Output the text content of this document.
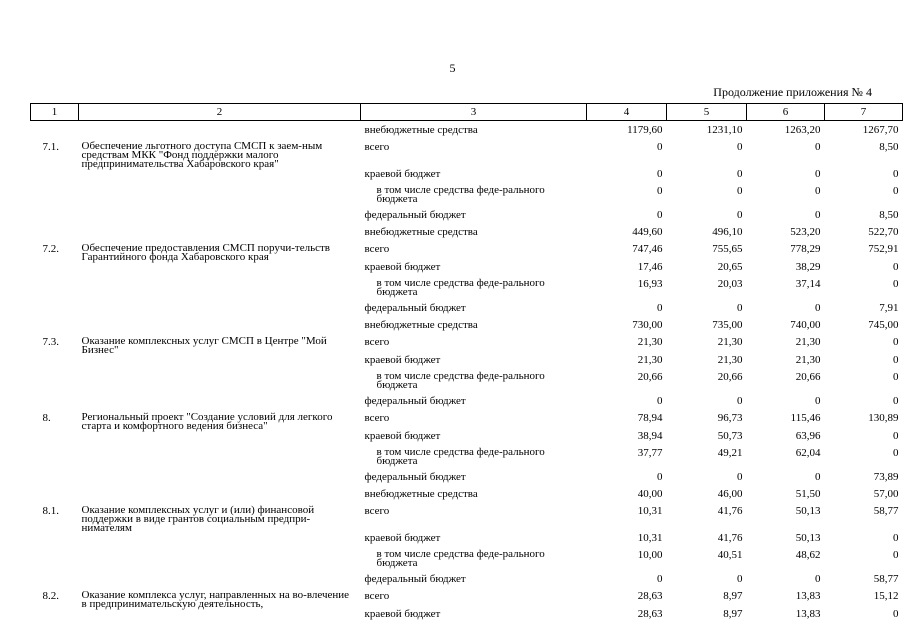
5
Продолжение приложения № 4
1	2	3	4	5	6	7
		внебюджетные средства	1179,60	1231,10	1263,20	1267,70
7.1.	Обеспечение льготного доступа СМСП к заем-ным средствам МКК "Фонд поддержки малого предпринимательства Хабаровского края"	всего	0	0	0	8,50
		краевой бюджет	0	0	0	0
		в том числе средства феде-рального бюджета	0	0	0	0
		федеральный бюджет	0	0	0	8,50
		внебюджетные средства	449,60	496,10	523,20	522,70
7.2.	Обеспечение предоставления СМСП поручи-тельств Гарантийного фонда Хабаровского края	всего	747,46	755,65	778,29	752,91
		краевой бюджет	17,46	20,65	38,29	0
		в том числе средства феде-рального бюджета	16,93	20,03	37,14	0
		федеральный бюджет	0	0	0	7,91
		внебюджетные средства	730,00	735,00	740,00	745,00
7.3.	Оказание комплексных услуг СМСП в Центре "Мой Бизнес"	всего	21,30	21,30	21,30	0
		краевой бюджет	21,30	21,30	21,30	0
		в том числе средства феде-рального бюджета	20,66	20,66	20,66	0
		федеральный бюджет	0	0	0	0
8.	Региональный проект "Создание условий для легкого старта и комфортного ведения бизнеса"	всего	78,94	96,73	115,46	130,89
		краевой бюджет	38,94	50,73	63,96	0
		в том числе средства феде-рального бюджета	37,77	49,21	62,04	0
		федеральный бюджет	0	0	0	73,89
		внебюджетные средства	40,00	46,00	51,50	57,00
8.1.	Оказание комплексных услуг и (или) финансовой поддержки в виде грантов социальным предпри-нимателям	всего	10,31	41,76	50,13	58,77
		краевой бюджет	10,31	41,76	50,13	0
		в том числе средства феде-рального бюджета	10,00	40,51	48,62	0
		федеральный бюджет	0	0	0	58,77
8.2.	Оказание комплекса услуг, направленных на во-влечение в предпринимательскую деятельность,	всего	28,63	8,97	13,83	15,12
		краевой бюджет	28,63	8,97	13,83	0
